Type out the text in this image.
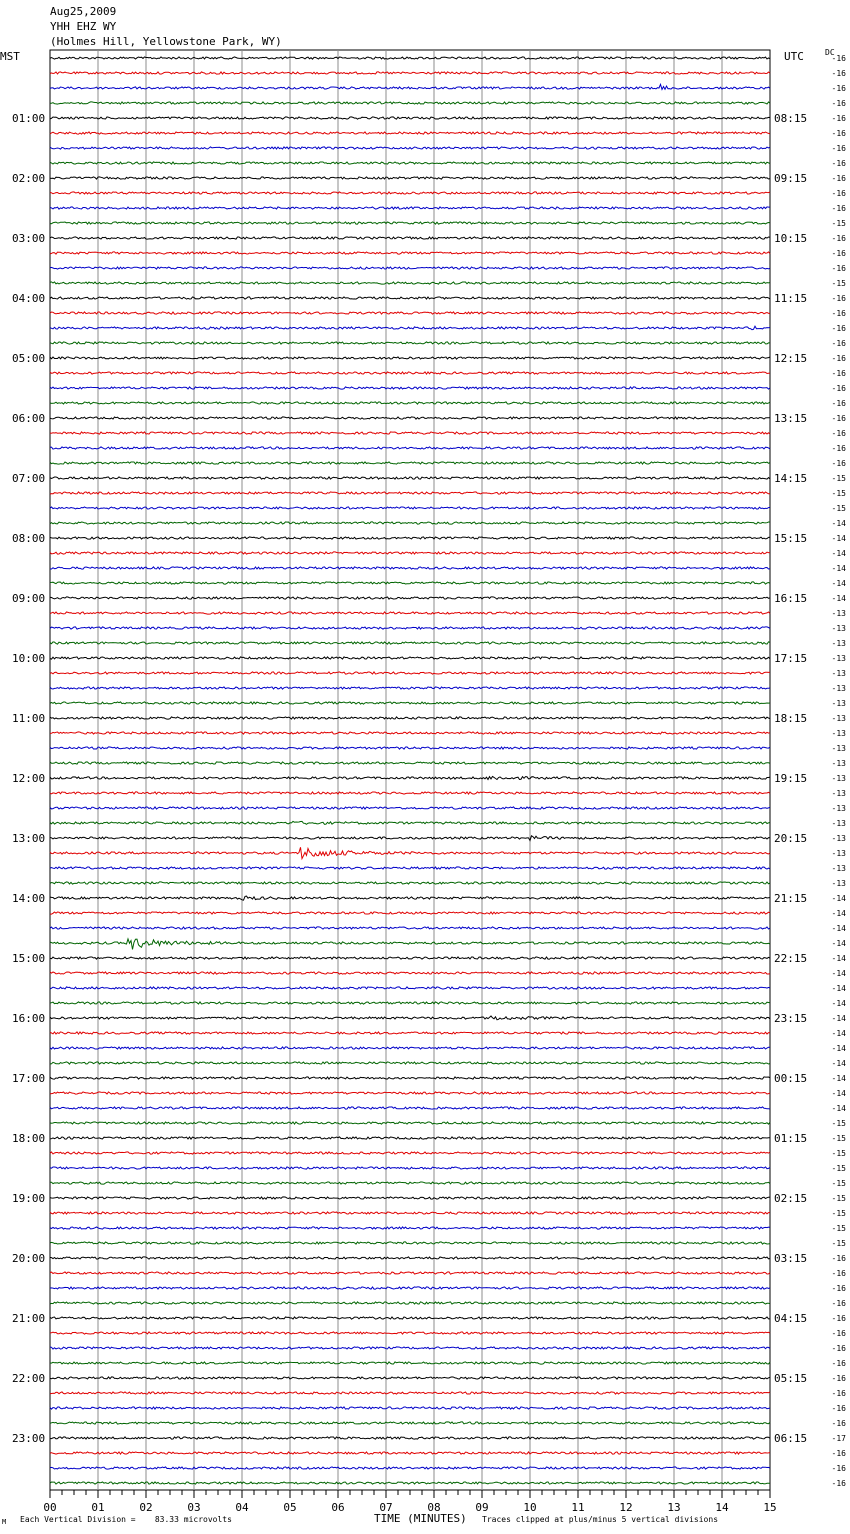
Aug25,2009
YHH EHZ WY
(Holmes Hill, Yellowstone Park, WY)
MST	UTC	DC
01:00
02:00
03:00
04:00
05:00
06:00
07:00
08:00
09:00
10:00
11:00
12:00
13:00
14:00
15:00
16:00
17:00
18:00
19:00
20:00
21:00
22:00
23:00
08:15
09:15
10:15
11:15
12:15
13:15
14:15
15:15
16:15
17:15
18:15
19:15
20:15
21:15
22:15
23:15
00:15
01:15
02:15
03:15
04:15
05:15
06:15
-16
-16
-16
-16
-16
-16
-16
-16
-16
-16
-16
-15
-16
-16
-16
-15
-16
-16
-16
-16
-16
-16
-16
-16
-16
-16
-16
-16
-15
-15
-15
-14
-14
-14
-14
-14
-14
-13
-13
-13
-13
-13
-13
-13
-13
-13
-13
-13
-13
-13
-13
-13
-13
-13
-13
-13
-14
-14
-14
-14
-14
-14
-14
-14
-14
-14
-14
-14
-14
-14
-14
-15
-15
-15
-15
-15
-15
-15
-15
-15
-16
-16
-16
-16
-16
-16
-16
-16
-16
-16
-16
-16
-17
-16
-16
-16
00	01	02	03	04	05	06	07	08	09	10	11	12	13	14	15
M Each Vertical Division =    83.33 microvolts	TIME (MINUTES) Traces clipped at plus/minus 5 vertical divisions
